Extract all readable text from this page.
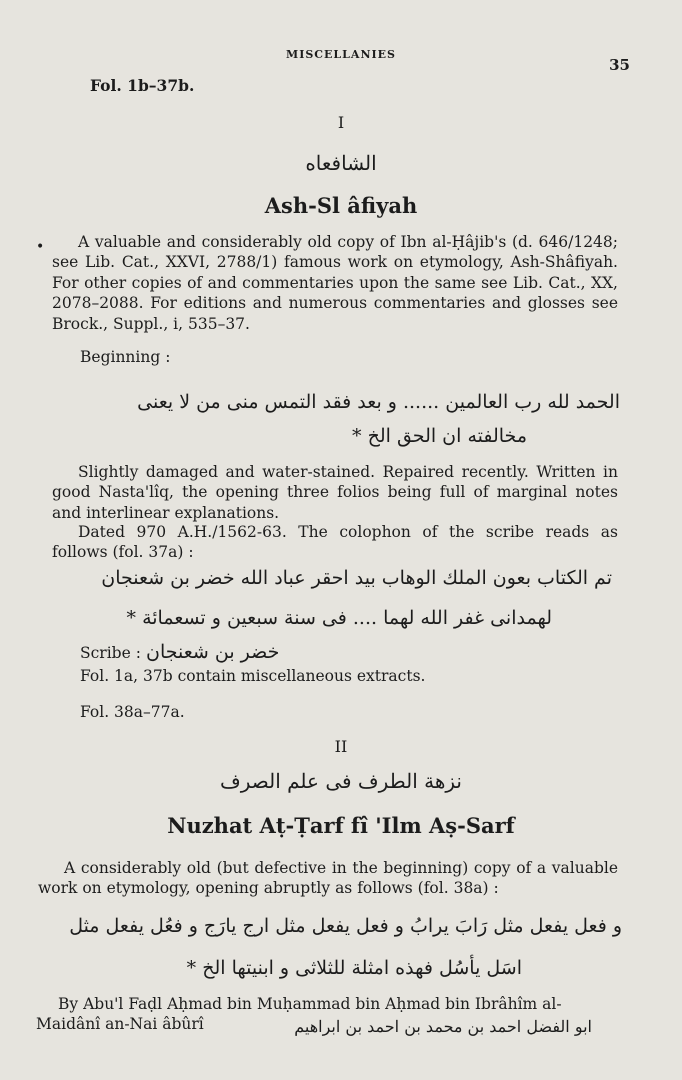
MISCELLANIES
35
Fol. 1b–37b.
I
الشافعاه
Ash-Sl âfiyah
•	A valuable and considerably old copy of Ibn al-Ḥâjib's (d. 646/1248; see Lib. Cat., XXVI, 2788/1) famous work on etymology, Ash-Shâfiyah. For other copies of and commentaries upon the same see Lib. Cat., XX, 2078–2088. For editions and numerous commentaries and glosses see Brock., Suppl., i, 535–37.
Beginning :
الحمد لله رب العالمين ...... و بعد فقد التمس منى من لا يعنى
مخالفته ان الحق الخ *
Slightly damaged and water-stained. Repaired recently. Written in good Nasta'lîq, the opening three folios being full of marginal notes and interlinear explanations.
Dated 970 A.H./1562-63. The colophon of the scribe reads as follows (fol. 37a) :
تم الكتاب بعون الملك الوهاب بيد احقر عباد الله خضر بن شعنجان
لهمدانى غفر الله لهما .... فى سنة سبعين و تسعمائة *
Scribe : خضر بن شعنجان
Fol. 1a, 37b contain miscellaneous extracts.
Fol. 38a–77a.
II
نزهة الطرف فى علم الصرف
Nuzhat Aṭ-Ṭarf fî 'Ilm Aṣ-Sarf
A considerably old (but defective in the beginning) copy of a valuable work on etymology, opening abruptly as follows (fol. 38a) :
و فعل يفعل مثل رَابَ يرابُ و فعل يفعل مثل ارج يارَج و فعُل يفعل مثل
اسَل يأسُل فهذه امثلة للثلاثى و ابنيتها الخ *
By Abu'l Faḍl Aḥmad bin Muḥammad bin Aḥmad bin Ibrâhîm al-
Maidânî an-Nai âbûrî	ابو الفضل احمد بن محمد بن احمد بن ابراهيم
